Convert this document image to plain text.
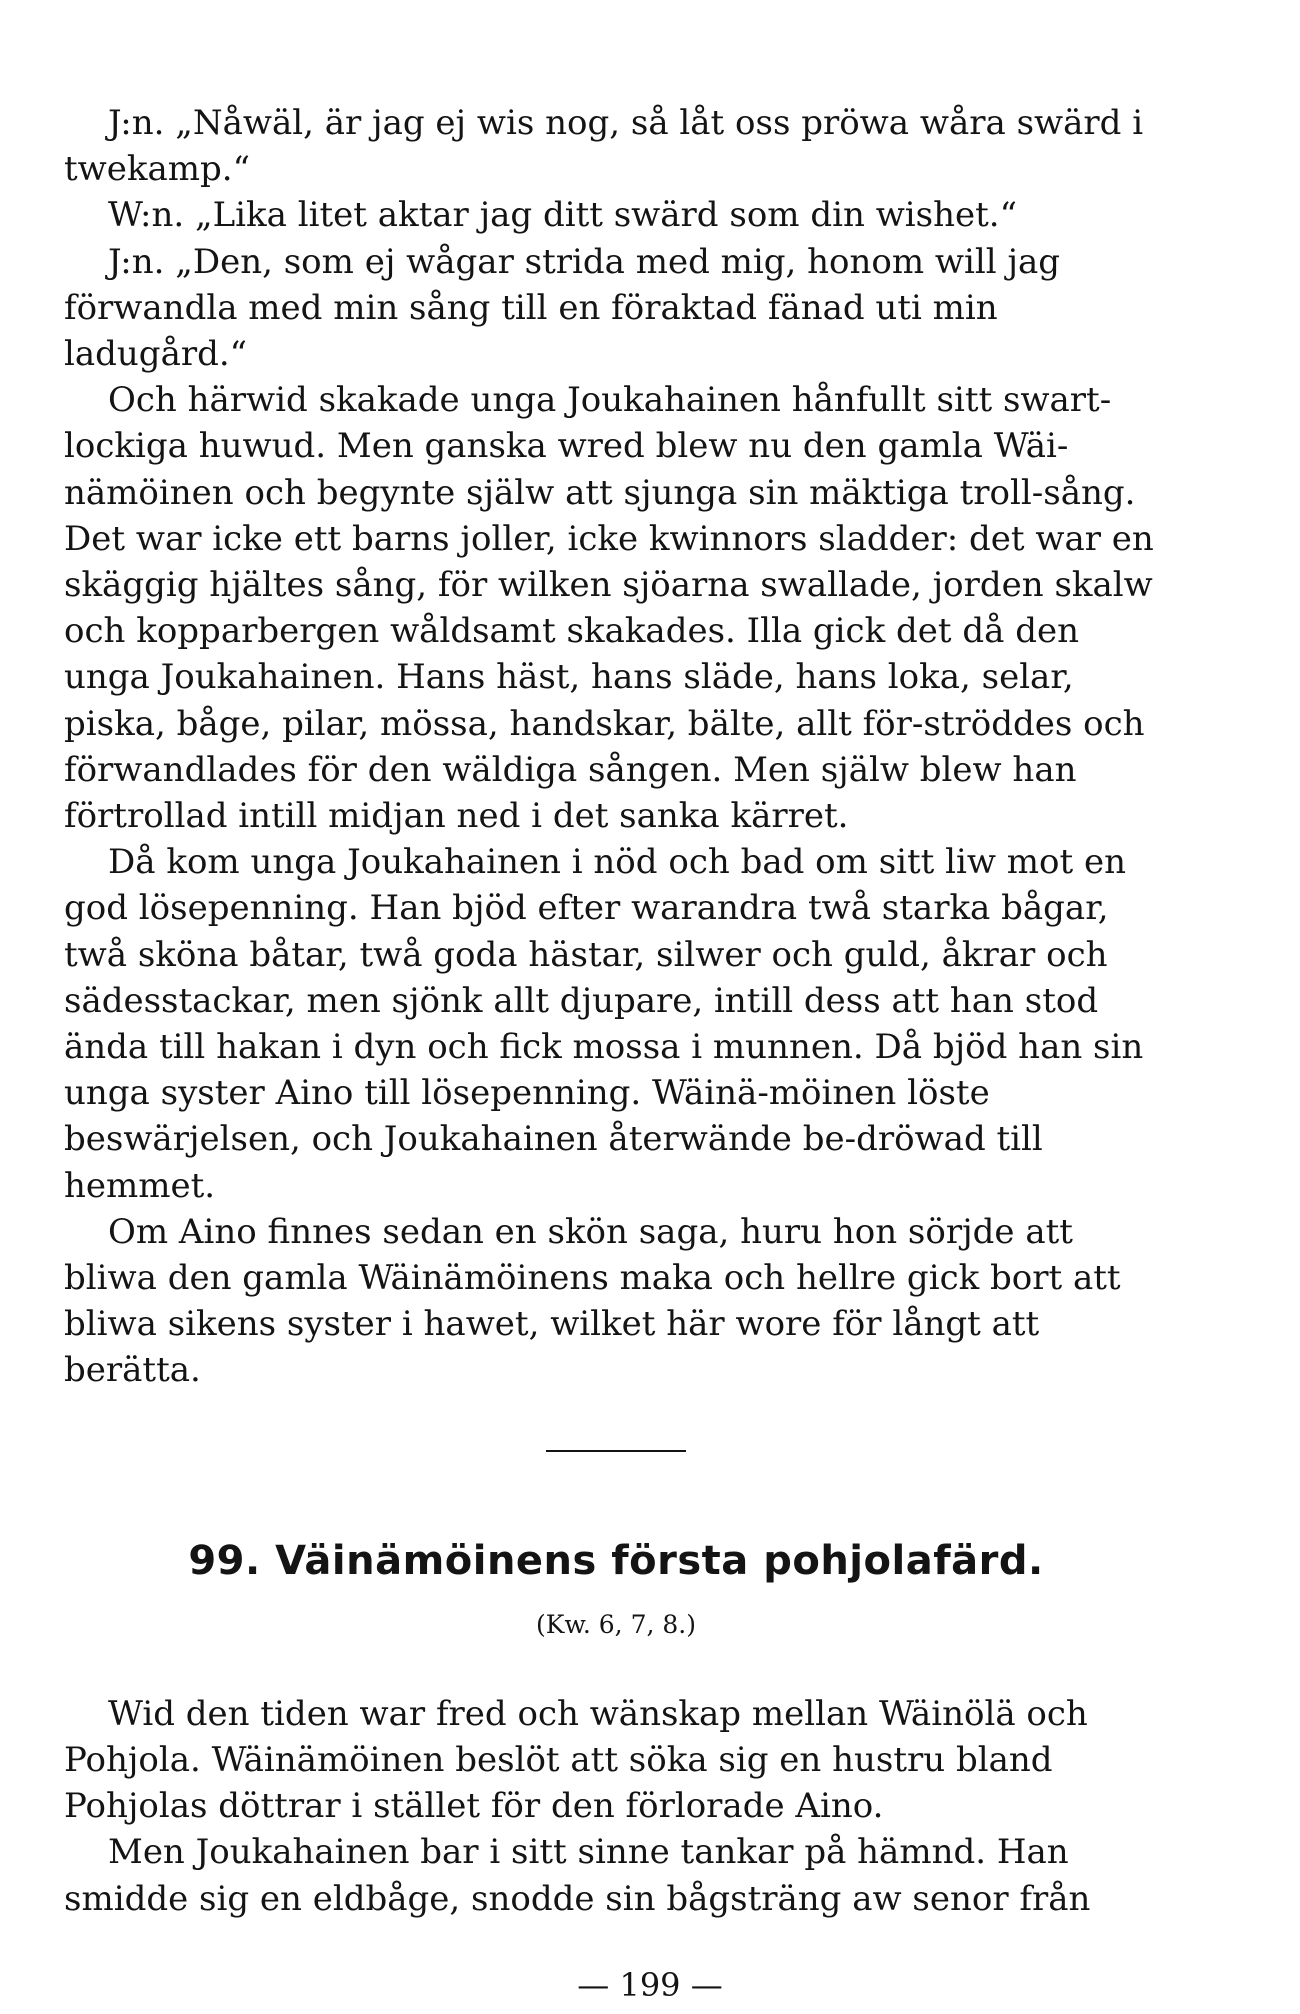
J:n. „Nåwäl, är jag ej wis nog, så låt oss pröwa wåra swärd i twekamp.“

W:n. „Lika litet aktar jag ditt swärd som din wishet.“

J:n. „Den, som ej wågar strida med mig, honom will jag förwandla med min sång till en föraktad fänad uti min ladugård.“

Och härwid skakade unga Joukahainen hånfullt sitt swart-lockiga huwud. Men ganska wred blew nu den gamla Wäi-nämöinen och begynte själw att sjunga sin mäktiga troll-sång. Det war icke ett barns joller, icke kwinnors sladder: det war en skäggig hjältes sång, för wilken sjöarna swallade, jorden skalw och kopparbergen wåldsamt skakades. Illa gick det då den unga Joukahainen. Hans häst, hans släde, hans loka, selar, piska, båge, pilar, mössa, handskar, bälte, allt för-ströddes och förwandlades för den wäldiga sången. Men själw blew han förtrollad intill midjan ned i det sanka kärret.

Då kom unga Joukahainen i nöd och bad om sitt liw mot en god lösepenning. Han bjöd efter warandra twå starka bågar, twå sköna båtar, twå goda hästar, silwer och guld, åkrar och sädesstackar, men sjönk allt djupare, intill dess att han stod ända till hakan i dyn och fick mossa i munnen. Då bjöd han sin unga syster Aino till lösepenning. Wäinä-möinen löste beswärjelsen, och Joukahainen återwände be-dröwad till hemmet.

Om Aino finnes sedan en skön saga, huru hon sörjde att bliwa den gamla Wäinämöinens maka och hellre gick bort att bliwa sikens syster i hawet, wilket här wore för långt att berätta.

99. Väinämöinens första pohjolafärd.
(Kw. 6, 7, 8.)

Wid den tiden war fred och wänskap mellan Wäinölä och Pohjola. Wäinämöinen beslöt att söka sig en hustru bland Pohjolas döttrar i stället för den förlorade Aino.

Men Joukahainen bar i sitt sinne tankar på hämnd. Han smidde sig en eldbåge, snodde sin bågsträng aw senor från

— 199 —
